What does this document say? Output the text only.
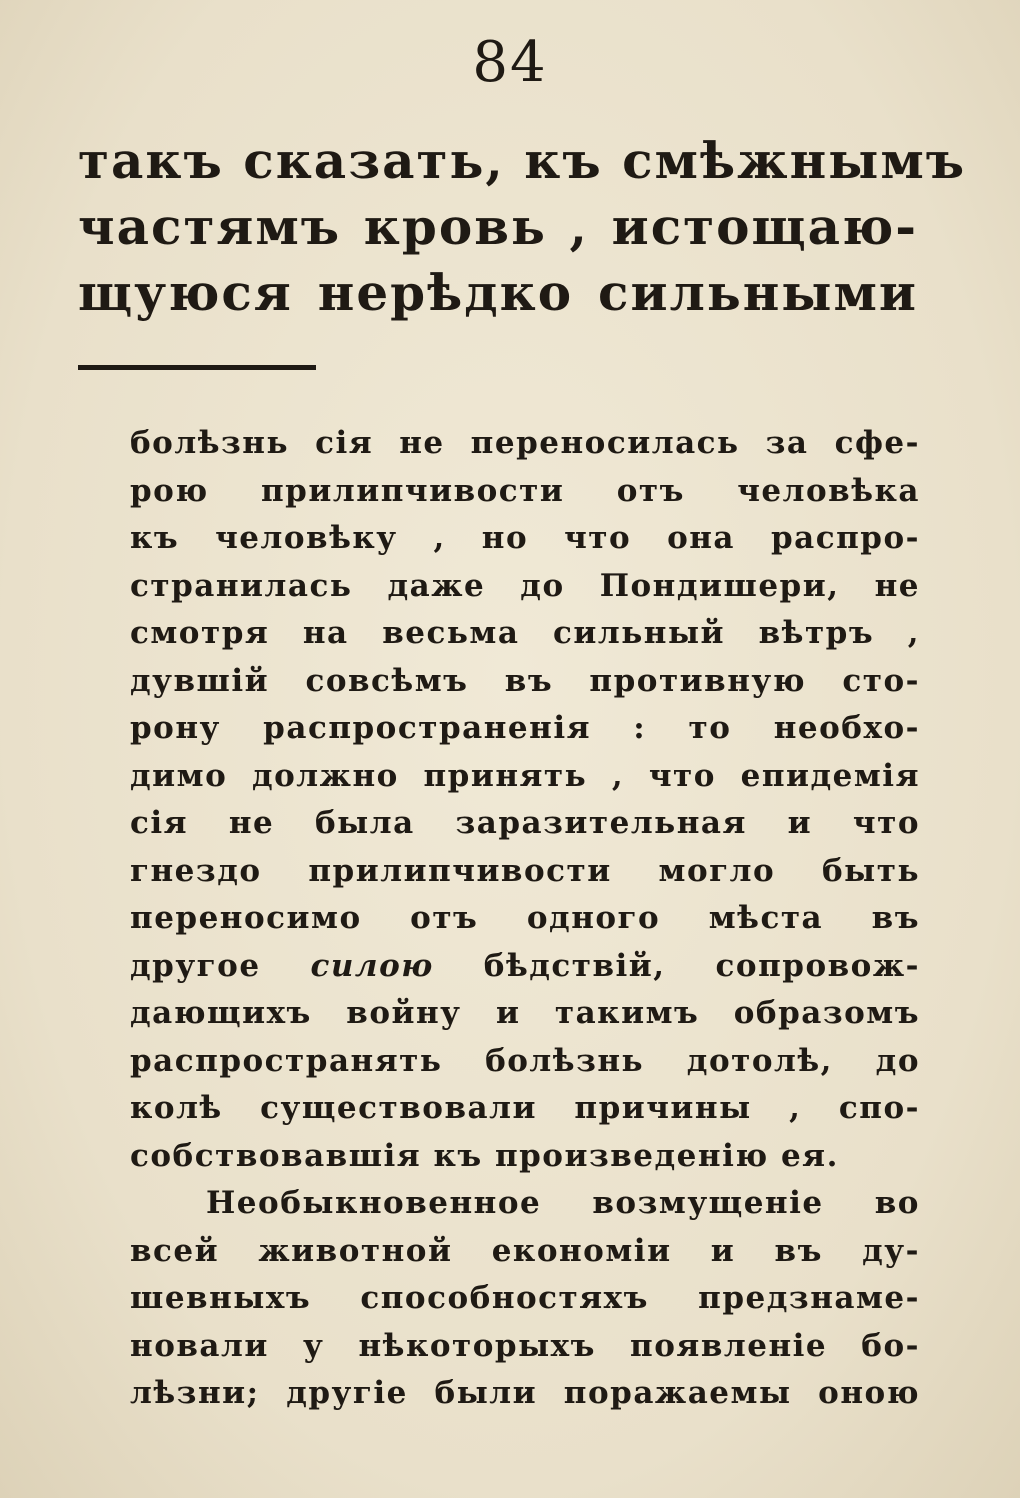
84
такъ сказать, къ смѣжнымъ
частямъ кровь , истощаю-
щуюся нерѣдко сильными
болѣзнь сія не переносилась за сфе-
рою прилипчивости отъ человѣка
къ человѣку , но что она распро-
странилась даже до Пондишери, не
смотря на весьма сильный вѣтръ ,
дувшій совсѣмъ въ противную сто-
рону распространенія : то необхо-
димо должно принять , что епидемія
сія не была заразительная и что
гнездо прилипчивости могло быть
переносимо отъ одного мѣста въ
другое силою бѣдствій, сопровож-
дающихъ войну и такимъ образомъ
распространять болѣзнь дотолѣ, до
колѣ существовали причины , спо-
собствовавшія къ произведенію ея.
Необыкновенное возмущеніе во
всей животной економіи и въ ду-
шевныхъ способностяхъ предзнаме-
новали у нѣкоторыхъ появленіе бо-
лѣзни; другіе были поражаемы оною
